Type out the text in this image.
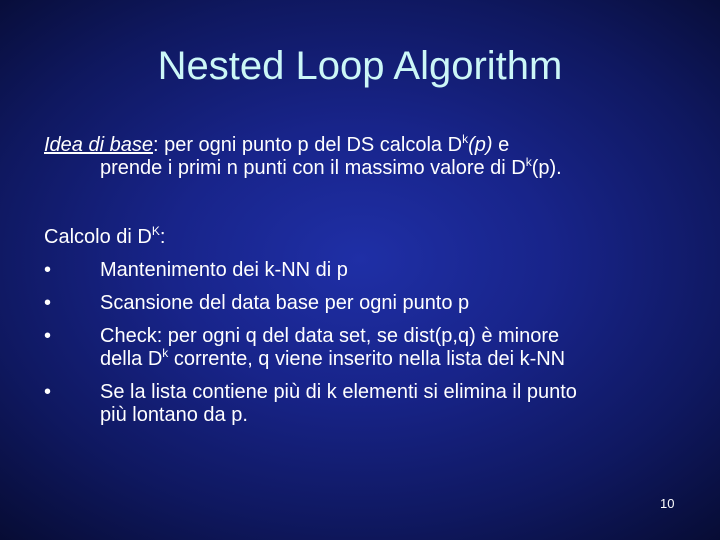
Nested Loop Algorithm
Idea di base: per ogni punto p del DS calcola $D^k(p)$ e
prende i primi n punti con il massimo valore di $D^k(p)$.
Calcolo di $D^K$:
•	Mantenimento dei k-NN di p
•	Scansione del data base per ogni punto p
•	Check: per ogni q del data set, se dist(p,q) è minore
della $D^k$ corrente, q viene inserito nella lista dei k-NN
•	Se la lista contiene più di k elementi si elimina il punto
più lontano da p.
10
